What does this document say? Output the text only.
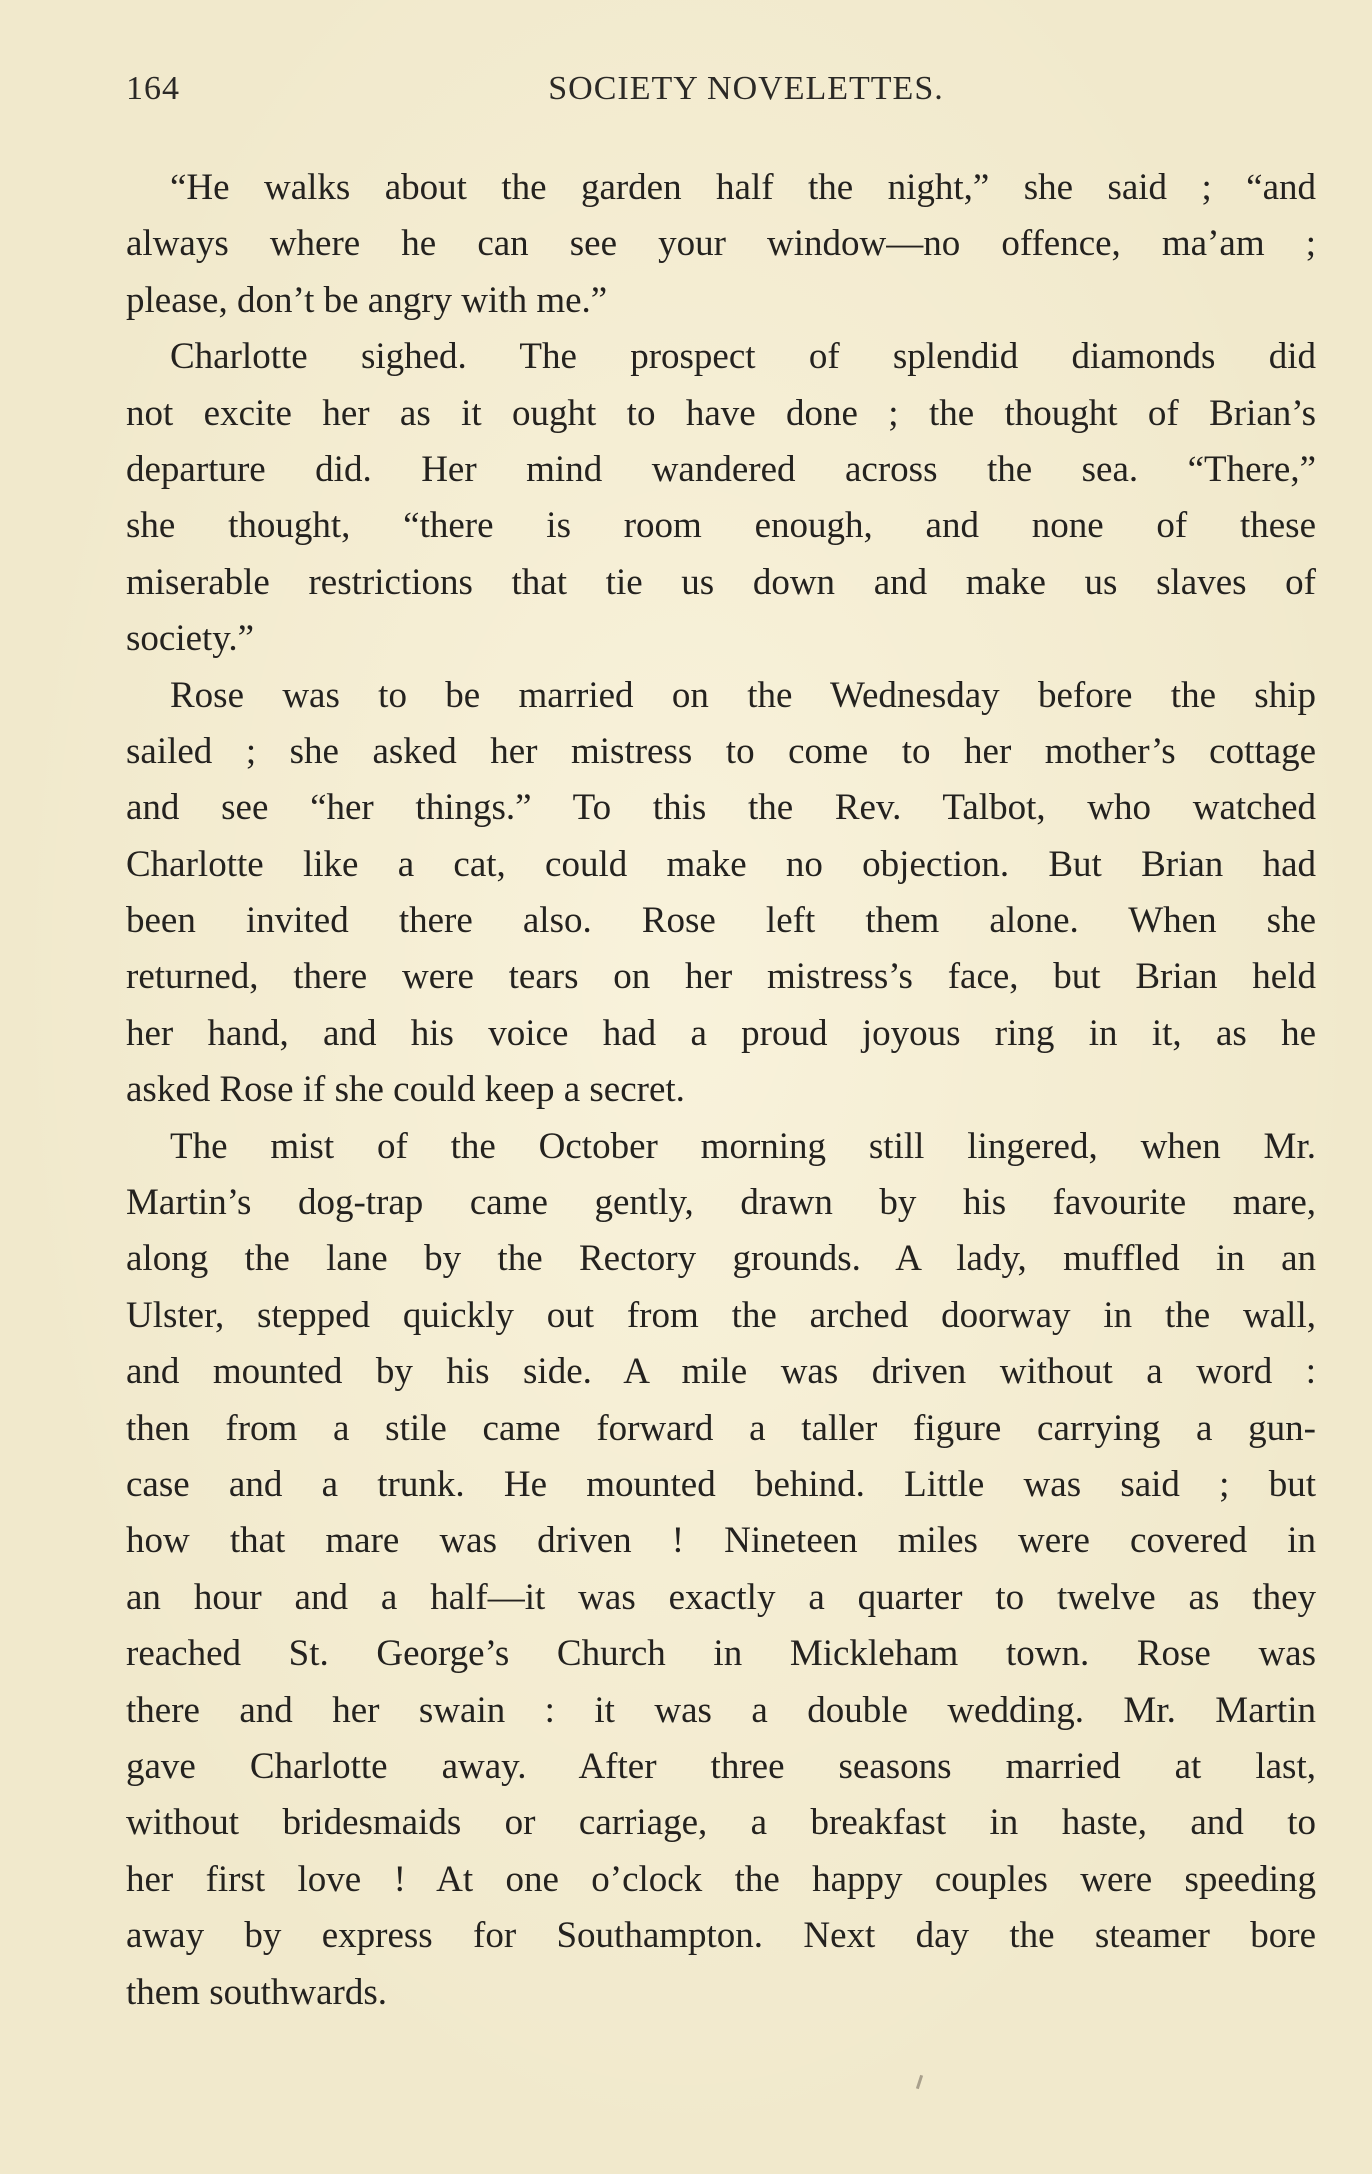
164	SOCIETY NOVELETTES.
“He walks about the garden half the night,” she said ; “and
always where he can see your window—no offence, ma’am ;
please, don’t be angry with me.”
Charlotte sighed. The prospect of splendid diamonds did
not excite her as it ought to have done ; the thought of Brian’s
departure did. Her mind wandered across the sea. “There,”
she thought, “there is room enough, and none of these
miserable restrictions that tie us down and make us slaves of
society.”
Rose was to be married on the Wednesday before the ship
sailed ; she asked her mistress to come to her mother’s cottage
and see “her things.” To this the Rev. Talbot, who watched
Charlotte like a cat, could make no objection. But Brian had
been invited there also. Rose left them alone. When she
returned, there were tears on her mistress’s face, but Brian held
her hand, and his voice had a proud joyous ring in it, as he
asked Rose if she could keep a secret.
The mist of the October morning still lingered, when Mr.
Martin’s dog-trap came gently, drawn by his favourite mare,
along the lane by the Rectory grounds. A lady, muffled in an
Ulster, stepped quickly out from the arched doorway in the wall,
and mounted by his side. A mile was driven without a word :
then from a stile came forward a taller figure carrying a gun-
case and a trunk. He mounted behind. Little was said ; but
how that mare was driven ! Nineteen miles were covered in
an hour and a half—it was exactly a quarter to twelve as they
reached St. George’s Church in Mickleham town. Rose was
there and her swain : it was a double wedding. Mr. Martin
gave Charlotte away. After three seasons married at last,
without bridesmaids or carriage, a breakfast in haste, and to
her first love ! At one o’clock the happy couples were speeding
away by express for Southampton. Next day the steamer bore
them southwards.
